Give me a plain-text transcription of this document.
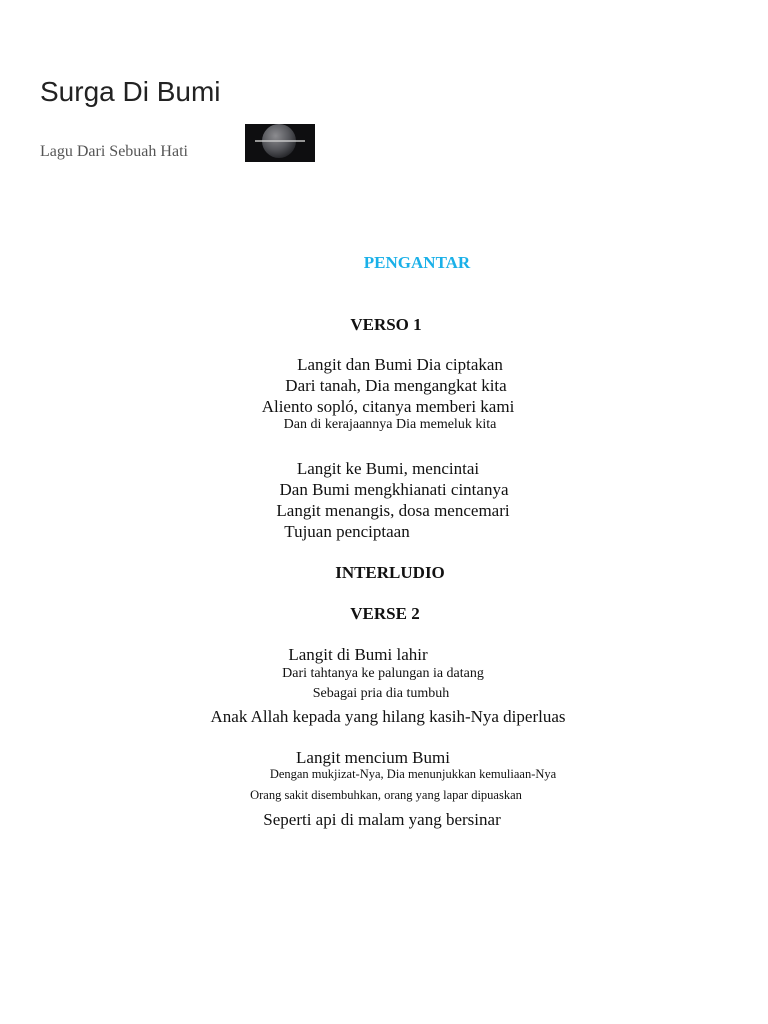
Surga Di Bumi
Lagu Dari Sebuah Hati
PENGANTAR
VERSO 1
Langit dan Bumi Dia ciptakan
Dari tanah, Dia mengangkat kita
Aliento sopló, citanya memberi kami
Dan di kerajaannya Dia memeluk kita
Langit ke Bumi, mencintai
Dan Bumi mengkhianati cintanya
Langit menangis, dosa mencemari
Tujuan penciptaan
INTERLUDIO
VERSE 2
Langit di Bumi lahir
Dari tahtanya ke palungan ia datang
Sebagai pria dia tumbuh
Anak Allah kepada yang hilang kasih-Nya diperluas
Langit mencium Bumi
Dengan mukjizat-Nya, Dia menunjukkan kemuliaan-Nya
Orang sakit disembuhkan, orang yang lapar dipuaskan
Seperti api di malam yang bersinar
